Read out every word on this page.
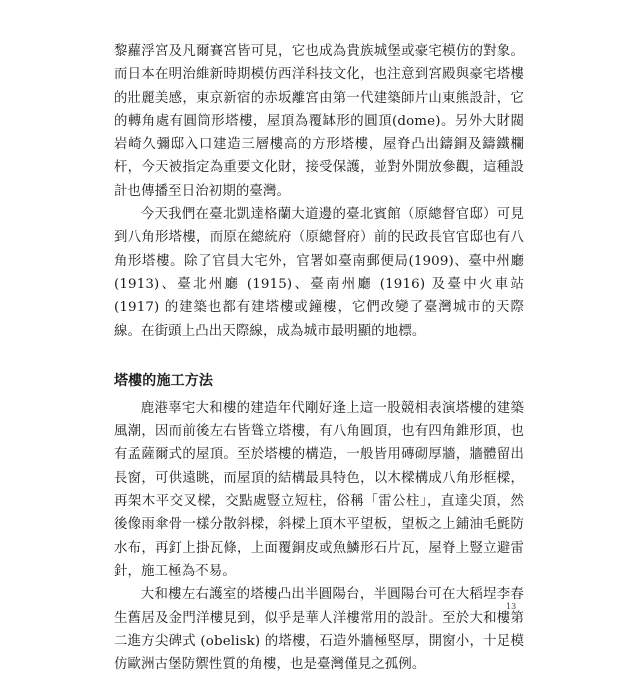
黎蘿浮宮及凡爾賽宮皆可見，它也成為貴族城堡或豪宅模仿的對象。而日本在明治維新時期模仿西洋科技文化，也注意到宮殿與豪宅塔樓的壯麗美感，東京新宿的赤坂離宮由第一代建築師片山東熊設計，它的轉角處有圓筒形塔樓，屋頂為覆缽形的圓頂(dome)。另外大財閥岩崎久彌邸入口建造三層樓高的方形塔樓，屋脊凸出鑄銅及鑄鐵欄杆，今天被指定為重要文化財，接受保護，並對外開放參觀，這種設計也傳播至日治初期的臺灣。

今天我們在臺北凱達格蘭大道邊的臺北賓館（原總督官邸）可見到八角形塔樓，而原在總統府（原總督府）前的民政長官官邸也有八角形塔樓。除了官員大宅外，官署如臺南郵便局(1909)、臺中州廳 (1913)、臺北州廳 (1915)、臺南州廳 (1916) 及臺中火車站 (1917) 的建築也都有建塔樓或鐘樓，它們改變了臺灣城市的天際線。在街頭上凸出天際線，成為城市最明顯的地標。

塔樓的施工方法

鹿港辜宅大和樓的建造年代剛好逢上這一股競相表演塔樓的建築風潮，因而前後左右皆聳立塔樓，有八角圓頂，也有四角錐形頂，也有孟薩爾式的屋頂。至於塔樓的構造，一般皆用磚砌厚牆，牆體留出長窗，可供遠眺，而屋頂的結構最具特色，以木樑構成八角形框樑，再架木平交叉樑，交點處豎立短柱，俗稱「雷公柱」，直達尖頂，然後像雨傘骨一樣分散斜樑，斜樑上頂木平望板，望板之上鋪油毛氈防水布，再釘上掛瓦條，上面覆銅皮或魚鱗形石片瓦，屋脊上豎立避雷針，施工極為不易。

大和樓左右護室的塔樓凸出半圓陽台，半圓陽台可在大稻埕李春生舊居及金門洋樓見到，似乎是華人洋樓常用的設計。至於大和樓第二進方尖碑式 (obelisk) 的塔樓，石造外牆極堅厚，開窗小，十足模仿歐洲古堡防禦性質的角樓，也是臺灣僅見之孤例。

13
